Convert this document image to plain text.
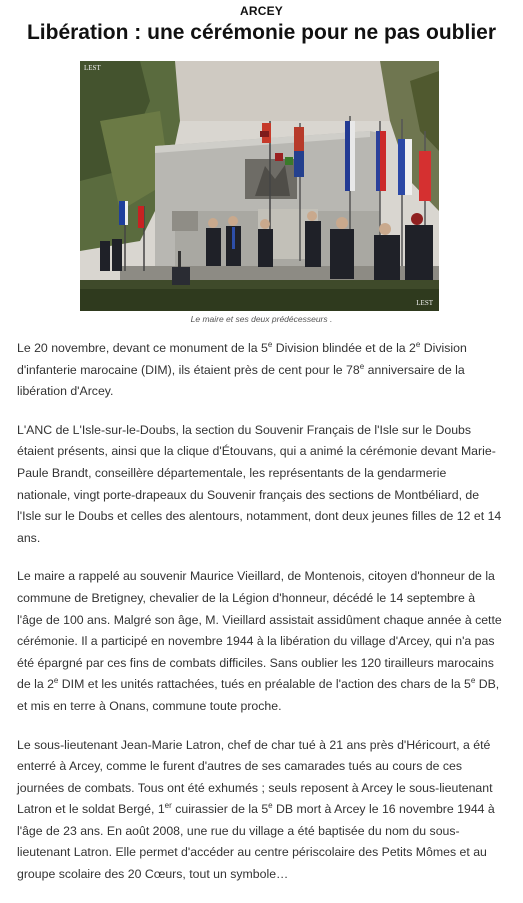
ARCEY
Libération : une cérémonie pour ne pas oublier
LEST
LEST
Le maire et ses deux prédécesseurs .

Le 20 novembre, devant ce monument de la 5e Division blindée et de la 2e Division d'infanterie marocaine (DIM), ils étaient près de cent pour le 78e anniversaire de la libération d'Arcey.

L'ANC de L'Isle-sur-le-Doubs, la section du Souvenir Français de l'Isle sur le Doubs étaient présents, ainsi que la clique d'Étouvans, qui a animé la cérémonie devant Marie-Paule Brandt, conseillère départementale, les représentants de la gendarmerie nationale, vingt porte-drapeaux du Souvenir français des sections de Montbéliard, de l'Isle sur le Doubs et celles des alentours, notamment, dont deux jeunes filles de 12 et 14 ans.

Le maire a rappelé au souvenir Maurice Vieillard, de Montenois, citoyen d'honneur de la commune de Bretigney, chevalier de la Légion d'honneur, décédé le 14 septembre à l'âge de 100 ans. Malgré son âge, M. Vieillard assistait assidûment chaque année à cette cérémonie. Il a participé en novembre 1944 à la libération du village d'Arcey, qui n'a pas été épargné par ces fins de combats difficiles. Sans oublier les 120 tirailleurs marocains de la 2e DIM et les unités rattachées, tués en préalable de l'action des chars de la 5e DB, et mis en terre à Onans, commune toute proche.

Le sous-lieutenant Jean-Marie Latron, chef de char tué à 21 ans près d'Héricourt, a été enterré à Arcey, comme le furent d'autres de ses camarades tués au cours de ces journées de combats. Tous ont été exhumés ; seuls reposent à Arcey le sous-lieutenant Latron et le soldat Bergé, 1er cuirassier de la 5e DB mort à Arcey le 16 novembre 1944 à l'âge de 23 ans. En août 2008, une rue du village a été baptisée du nom du sous-lieutenant Latron. Elle permet d'accéder au centre périscolaire des Petits Mômes et au groupe scolaire des 20 Cœurs, tout un symbole…
